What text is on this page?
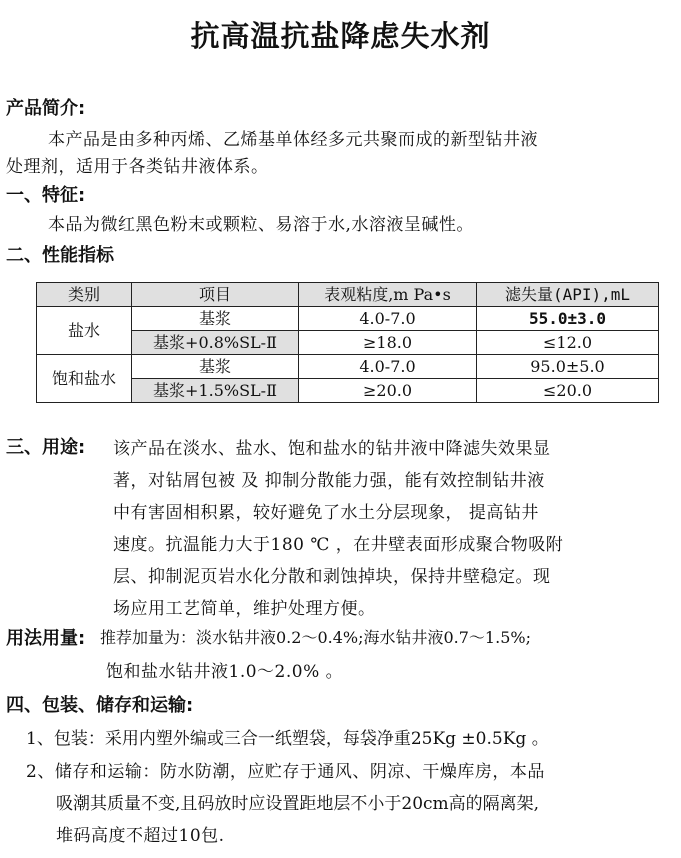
抗高温抗盐降虑失水剂
产品简介:
本产品是由多种丙烯、乙烯基单体经多元共聚而成的新型钻井液
处理剂，适用于各类钻井液体系。
一、特征:
本品为微红黑色粉末或颗粒、易溶于水,水溶液呈碱性。
二、性能指标
类别	项目	表观粘度,m Pa•s	滤失量(API),mL
盐水	基浆	4.0-7.0	55.0±3.0
	基浆+0.8%SL-Ⅱ	≥18.0	≤12.0
饱和盐水	基浆	4.0-7.0	95.0±5.0
	基浆+1.5%SL-Ⅱ	≥20.0	≤20.0
三、用途: 该产品在淡水、盐水、饱和盐水的钻井液中降滤失效果显
著，对钻屑包被 及 抑制分散能力强，能有效控制钻井液
中有害固相积累，较好避免了水土分层现象， 提高钻井
速度。抗温能力大于180 ℃ ，在井壁表面形成聚合物吸附
层、抑制泥页岩水化分散和剥蚀掉块，保持井壁稳定。现
场应用工艺简单，维护处理方便。
用法用量: 推荐加量为：淡水钻井液0.2～0.4%;海水钻井液0.7～1.5%;
饱和盐水钻井液1.0～2.0% 。
四、包装、储存和运输:
1、包装：采用内塑外编或三合一纸塑袋，每袋净重25Kg ±0.5Kg 。
2、储存和运输：防水防潮，应贮存于通风、阴凉、干燥库房，本品
吸潮其质量不变,且码放时应设置距地层不小于20cm高的隔离架,
堆码高度不超过10包.
